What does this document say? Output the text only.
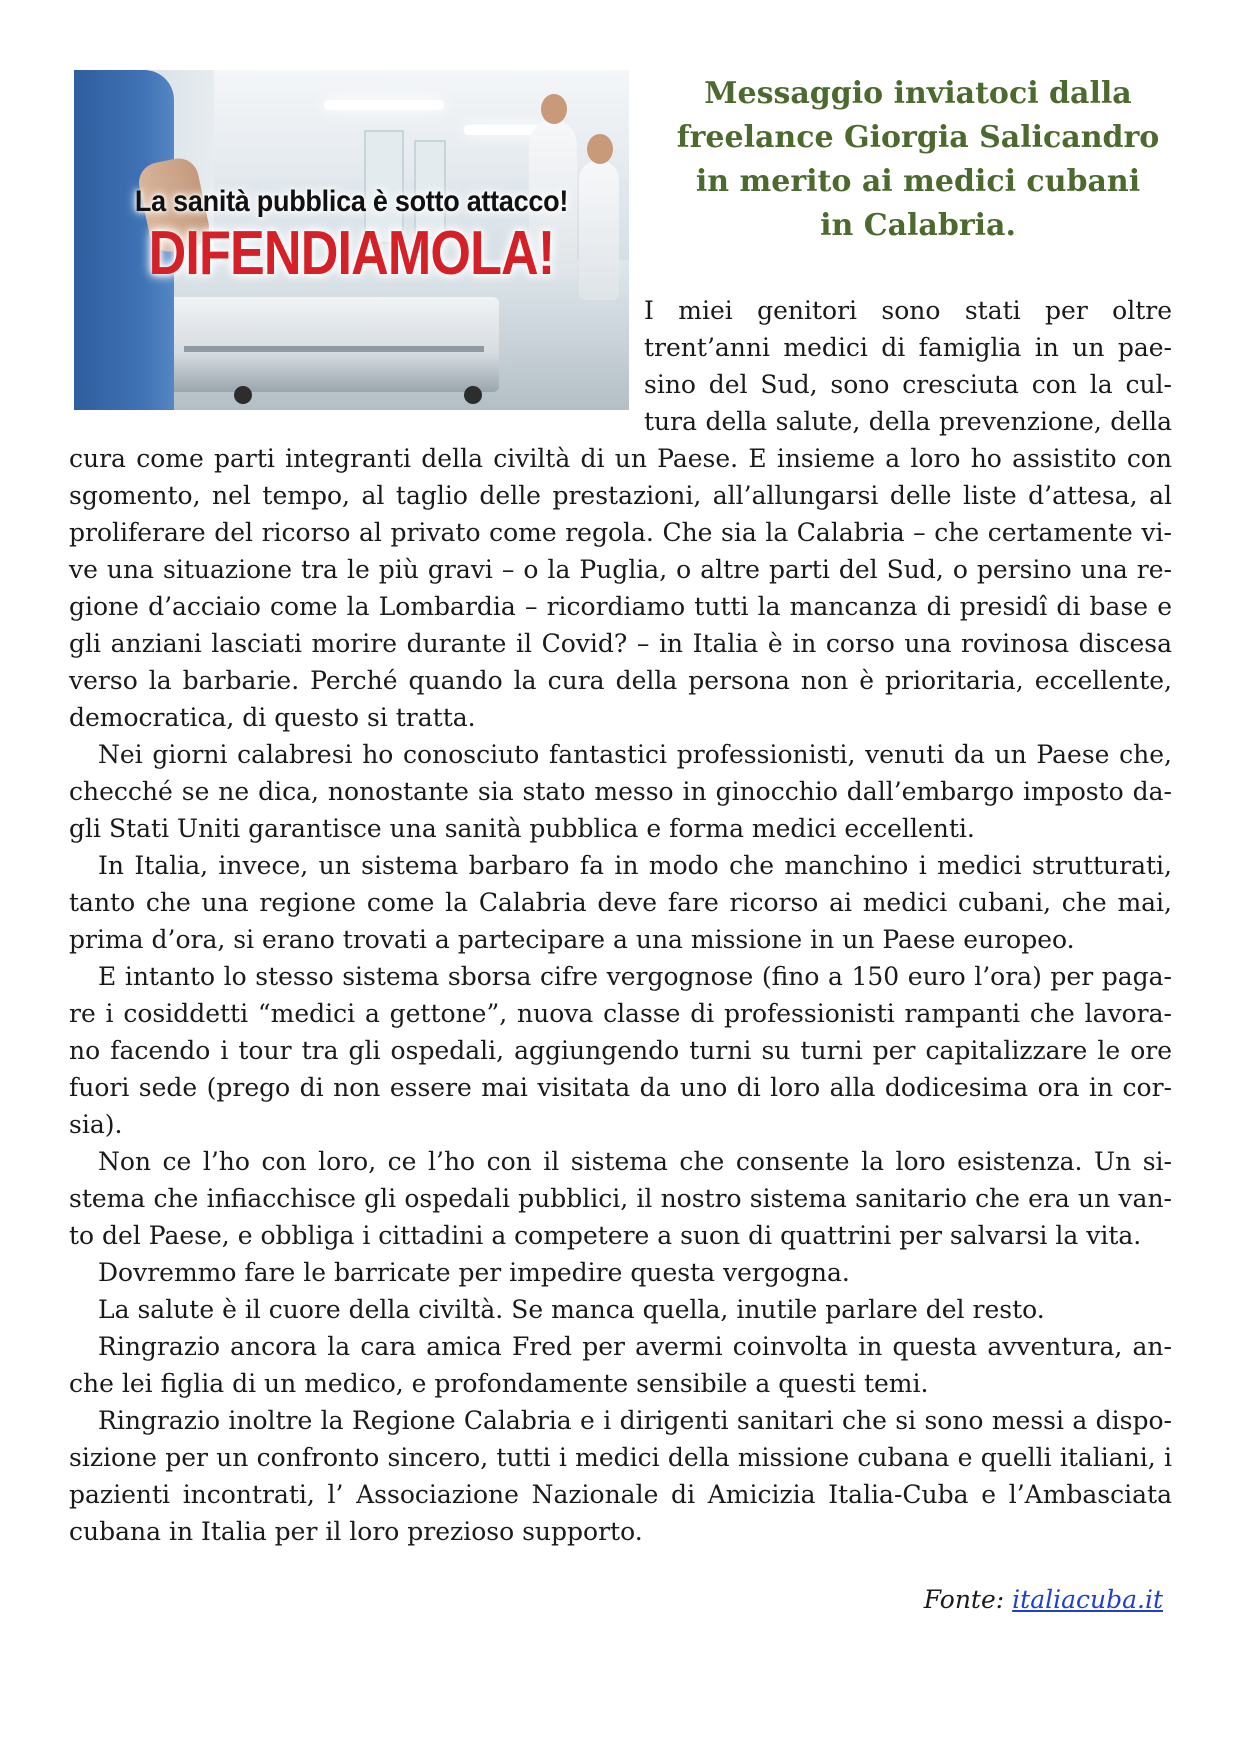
La sanità pubblica è sotto attacco!
DIFENDIAMOLA!
Messaggio inviatoci dalla
freelance Giorgia Salicandro
in merito ai medici cubani
in Calabria.

I miei genitori sono stati per oltre trent’anni medici di famiglia in un paesino del Sud, sono cresciuta con la cultura della salute, della prevenzione, della cura come parti integranti della civiltà di un Paese. E insieme a loro ho assistito con sgomento, nel tempo, al taglio delle prestazioni, all’allungarsi delle liste d’attesa, al proliferare del ricorso al privato come regola. Che sia la Calabria – che certamente vive una situazione tra le più gravi – o la Puglia, o altre parti del Sud, o persino una regione d’acciaio come la Lombardia – ricordiamo tutti la mancanza di presidî di base e gli anziani lasciati morire durante il Covid? – in Italia è in corso una rovinosa discesa verso la barbarie. Perché quando la cura della persona non è prioritaria, eccellente, democratica, di questo si tratta.

Nei giorni calabresi ho conosciuto fantastici professionisti, venuti da un Paese che, checché se ne dica, nonostante sia stato messo in ginocchio dall’embargo imposto dagli Stati Uniti garantisce una sanità pubblica e forma medici eccellenti.

In Italia, invece, un sistema barbaro fa in modo che manchino i medici strutturati, tanto che una regione come la Calabria deve fare ricorso ai medici cubani, che mai, prima d’ora, si erano trovati a partecipare a una missione in un Paese europeo.

E intanto lo stesso sistema sborsa cifre vergognose (fino a 150 euro l’ora) per pagare i cosiddetti “medici a gettone”, nuova classe di professionisti rampanti che lavorano facendo i tour tra gli ospedali, aggiungendo turni su turni per capitalizzare le ore fuori sede (prego di non essere mai visitata da uno di loro alla dodicesima ora in corsia).

Non ce l’ho con loro, ce l’ho con il sistema che consente la loro esistenza. Un sistema che infiacchisce gli ospedali pubblici, il nostro sistema sanitario che era un vanto del Paese, e obbliga i cittadini a competere a suon di quattrini per salvarsi la vita.

Dovremmo fare le barricate per impedire questa vergogna.

La salute è il cuore della civiltà. Se manca quella, inutile parlare del resto.

Ringrazio ancora la cara amica Fred per avermi coinvolta in questa avventura, anche lei figlia di un medico, e profondamente sensibile a questi temi.

Ringrazio inoltre la Regione Calabria e i dirigenti sanitari che si sono messi a disposizione per un confronto sincero, tutti i medici della missione cubana e quelli italiani, i pazienti incontrati, l’ Associazione Nazionale di Amicizia Italia-Cuba e l’Ambasciata cubana in Italia per il loro prezioso supporto.

Fonte: italiacuba.it
